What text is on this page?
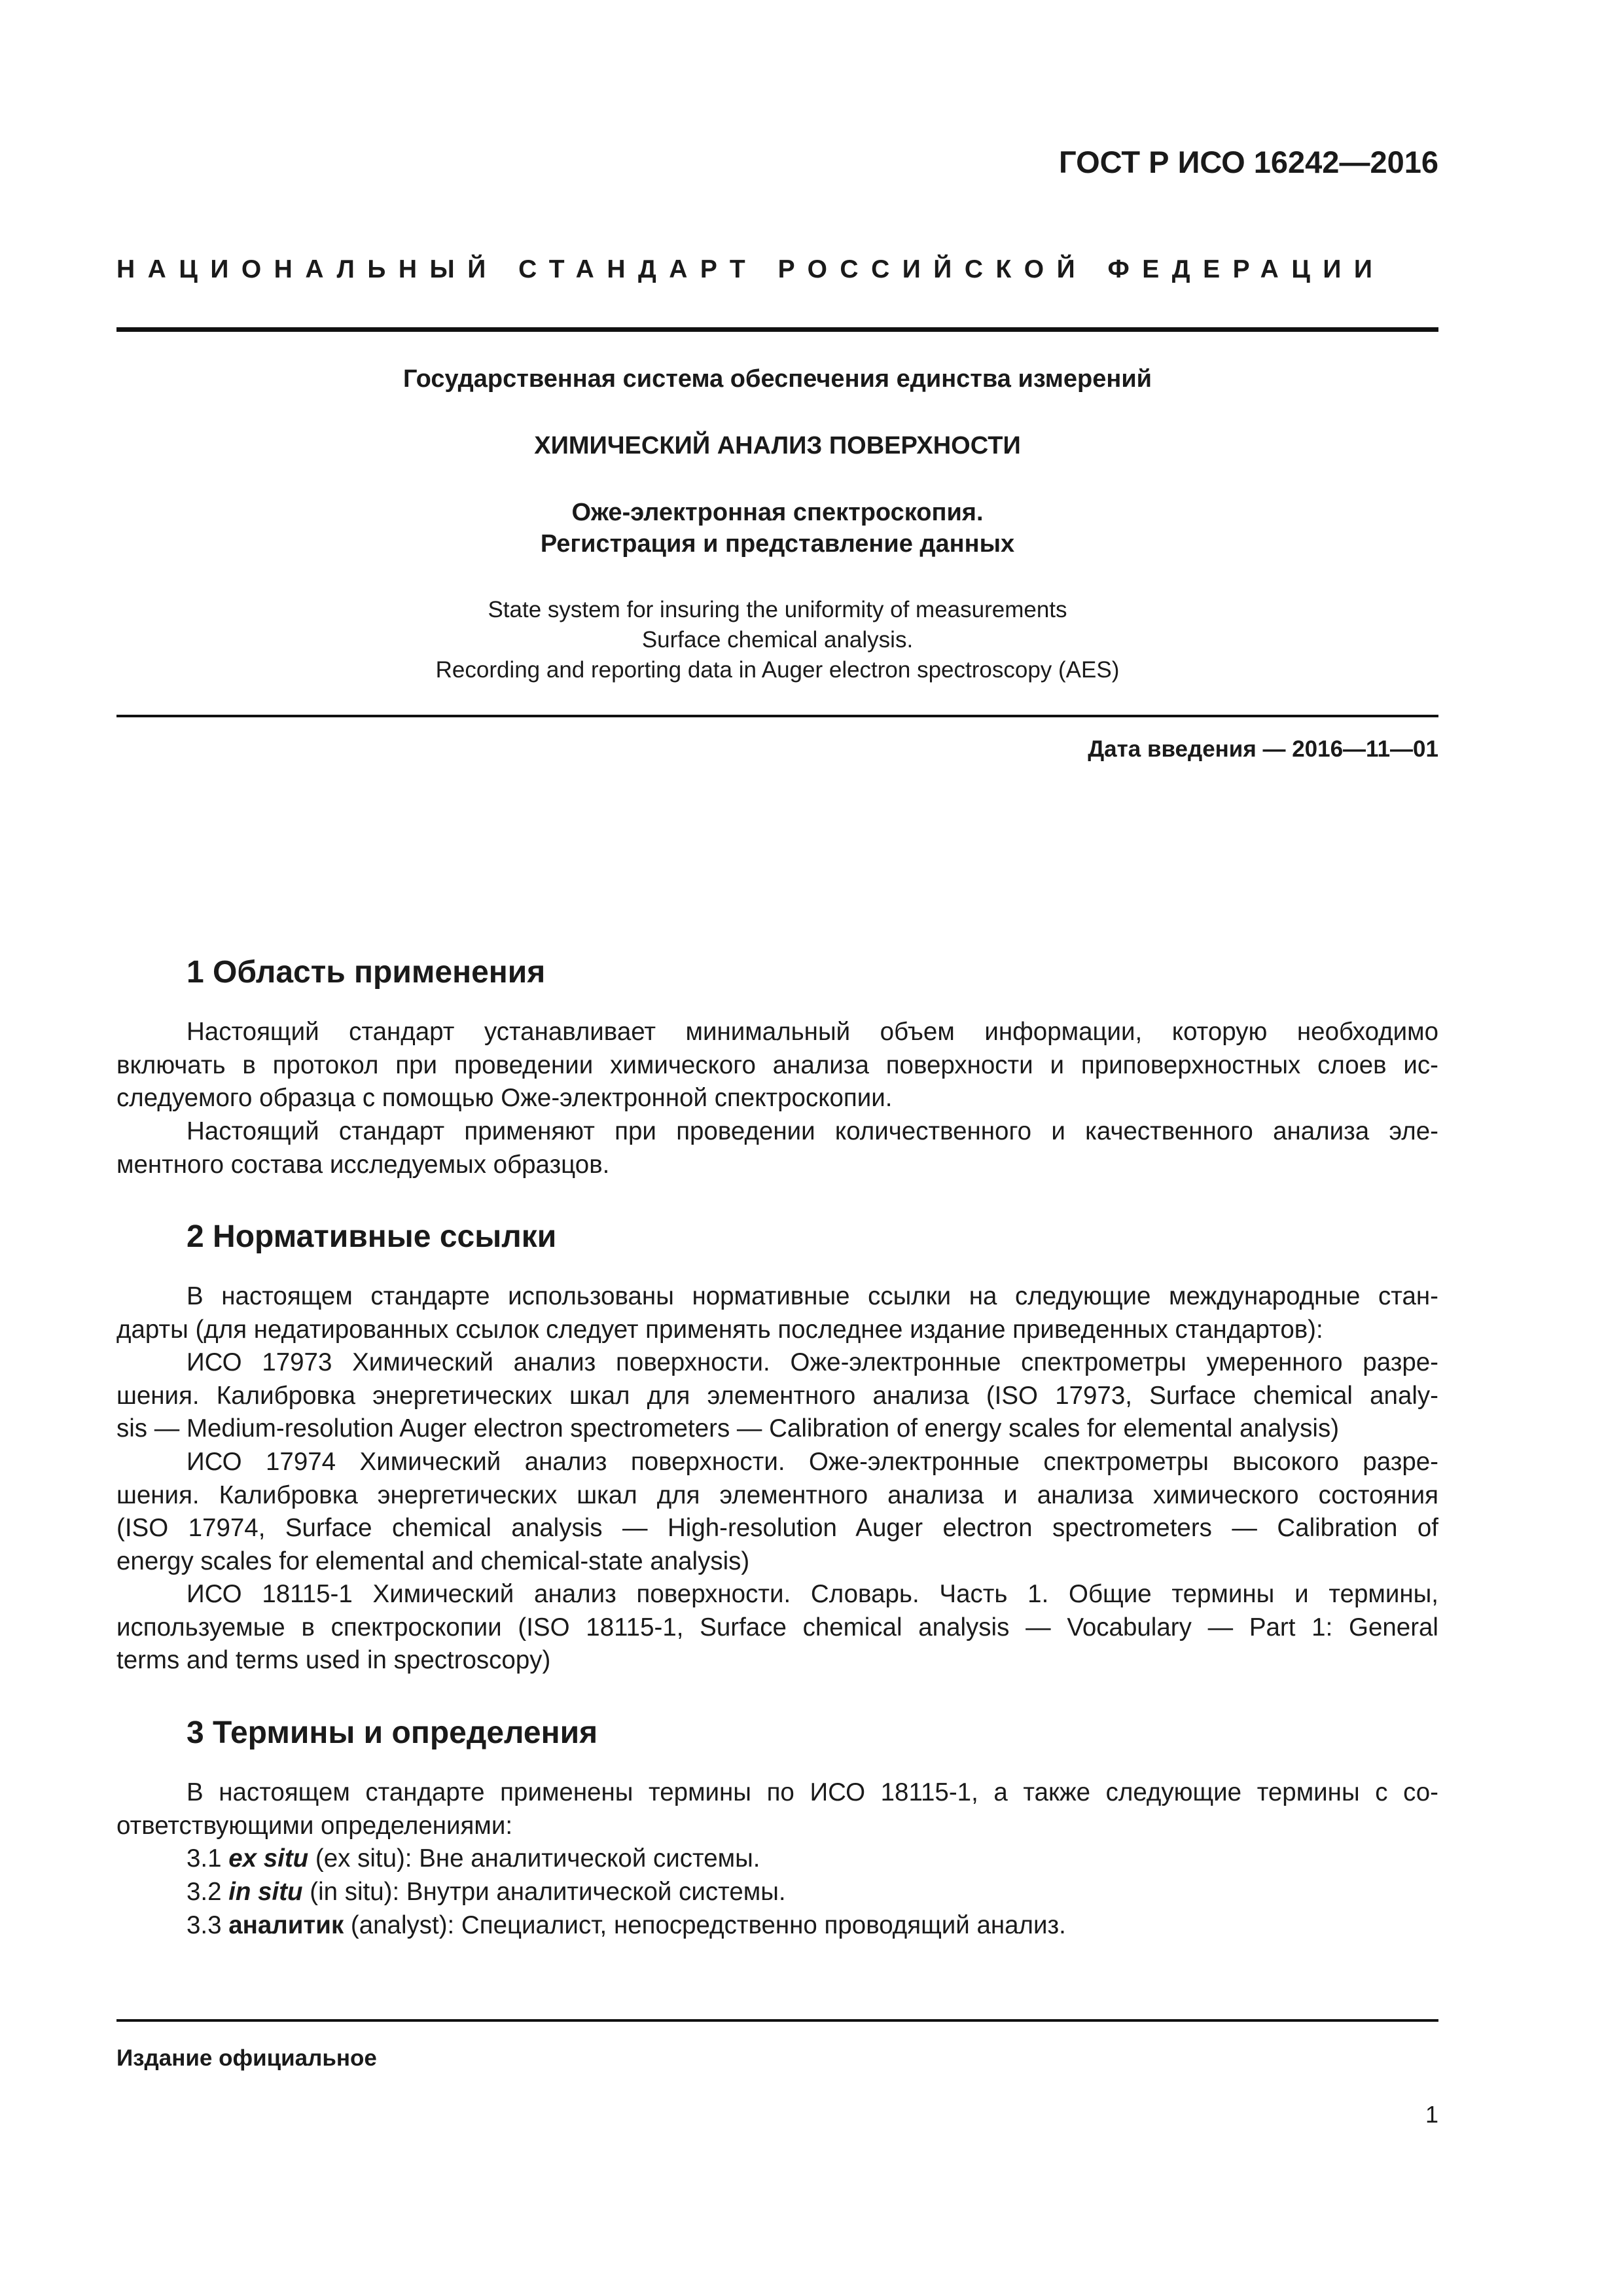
ГОСТ Р ИСО 16242—2016
НАЦИОНАЛЬНЫЙ СТАНДАРТ РОССИЙСКОЙ ФЕДЕРАЦИИ
Государственная система обеспечения единства измерений
ХИМИЧЕСКИЙ АНАЛИЗ ПОВЕРХНОСТИ
Оже-электронная спектроскопия.
Регистрация и представление данных
State system for insuring the uniformity of measurements
Surface chemical analysis.
Recording and reporting data in Auger electron spectroscopy (AES)
Дата введения — 2016—11—01
1 Область применения
Настоящий стандарт устанавливает минимальный объем информации, которую необходимо
включать в протокол при проведении химического анализа поверхности и приповерхностных слоев ис-
следуемого образца с помощью Оже-электронной спектроскопии.
Настоящий стандарт применяют при проведении количественного и качественного анализа эле-
ментного состава исследуемых образцов.
2 Нормативные ссылки
В настоящем стандарте использованы нормативные ссылки на следующие международные стан-
дарты (для недатированных ссылок следует применять последнее издание приведенных стандартов):
ИСО 17973 Химический анализ поверхности. Оже-электронные спектрометры умеренного разре-
шения. Калибровка энергетических шкал для элементного анализа (ISO 17973, Surface chemical analy-
sis — Medium-resolution Auger electron spectrometers — Calibration of energy scales for elemental analysis)
ИСО 17974 Химический анализ поверхности. Оже-электронные спектрометры высокого разре-
шения. Калибровка энергетических шкал для элементного анализа и анализа химического состояния
(ISO 17974, Surface chemical analysis — High-resolution Auger electron spectrometers — Calibration of
energy scales for elemental and chemical-state analysis)
ИСО 18115-1 Химический анализ поверхности. Словарь. Часть 1. Общие термины и термины,
используемые в спектроскопии (ISO 18115-1, Surface chemical analysis — Vocabulary — Part 1: General
terms and terms used in spectroscopy)
3 Термины и определения
В настоящем стандарте применены термины по ИСО 18115-1, а также следующие термины с со-
ответствующими определениями:
3.1 ex situ (ex situ): Вне аналитической системы.
3.2 in situ (in situ): Внутри аналитической системы.
3.3 аналитик (analyst): Специалист, непосредственно проводящий анализ.
Издание официальное
1
